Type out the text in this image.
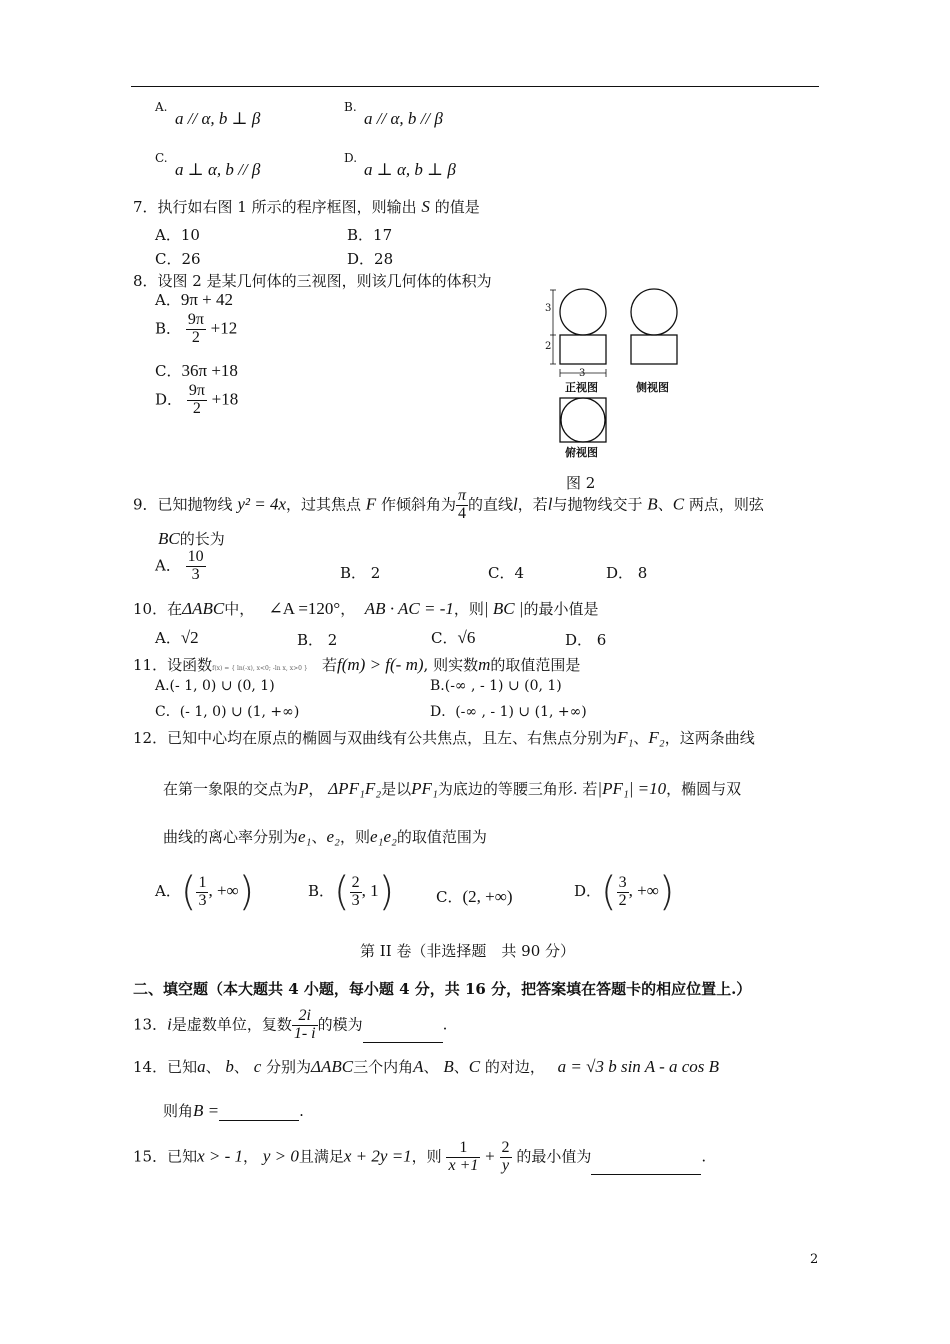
A.
a // α, b ⊥ β
B.
a // α, b // β
C.
a ⊥ α, b // β
D.
a ⊥ α, b ⊥ β
7．执行如右图 1 所示的程序框图，则输出 S 的值是
A．10	B．17
C．26	D．28
8．设图 2 是某几何体的三视图，则该几何体的体积为
A．9π + 42
B． $\frac{9\pi}{2} +12$
C．36π +18
D． $\frac{9\pi}{2} +18$
3
2
3
正视图	侧视图
俯视图
图 2
9．已知抛物线 y² = 4x，过其焦点 F 作倾斜角为 $\frac{\pi}{4}$ 的直线l，若l与抛物线交于 B、C 两点，则弦
BC的长为
A． $\frac{10}{3}$	B． 2	C．4	D． 8
10．在ΔABC中， ∠A =120°， AB · AC = -1，则| BC |的最小值是
A．√2	B． 2	C．√6	D． 6
11．设函数f(x) = { ln(-x), x<0; -ln x, x>0 } 若f(m) > f(- m), 则实数m的取值范围是
A.(- 1, 0) ∪ (0, 1)	B.(-∞ , - 1) ∪ (0, 1)
C．(- 1, 0) ∪ (1, +∞)	D．(-∞ , - 1) ∪ (1, +∞)
12．已知中心均在原点的椭圆与双曲线有公共焦点，且左、右焦点分别为F₁、F₂，这两条曲线
在第一象限的交点为P， ΔPF₁F₂是以PF₁为底边的等腰三角形. 若|PF₁| =10，椭圆与双
曲线的离心率分别为e₁、e₂，则e₁e₂的取值范围为
A．( $\frac{1}{3}$ , +∞)	B．( $\frac{2}{3}$ , 1)	C．(2, +∞)	D．( $\frac{3}{2}$ , +∞)
第 II 卷（非选择题　共 90 分）
二、填空题（本大题共 4 小题，每小题 4 分，共 16 分，把答案填在答题卡的相应位置上.）
13．i是虚数单位，复数 $\frac{2i}{1- i}$ 的模为	.
14．已知a、 b、 c 分别为ΔABC三个内角A、 B、C 的对边， a = √3 b sin A - a cos B
则角B =	.
15．已知x > - 1， y > 0且满足x + 2y =1，则 $\frac{1}{x +1} + \frac{2}{y}$ 的最小值为	.
2
